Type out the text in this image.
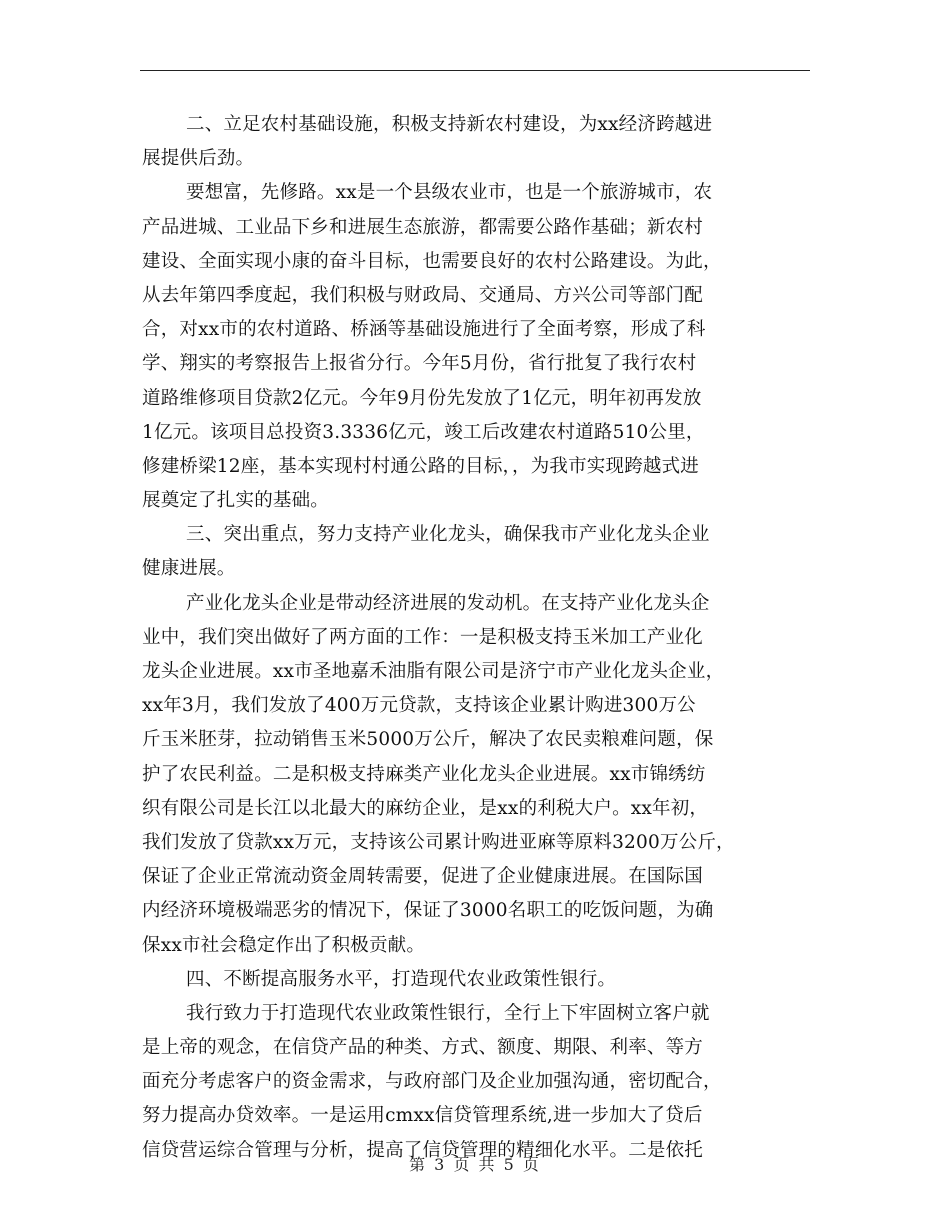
二、立足农村基础设施，积极支持新农村建设，为xx经济跨越进
展提供后劲。
要想富，先修路。xx是一个县级农业市，也是一个旅游城市，农
产品进城、工业品下乡和进展生态旅游，都需要公路作基础；新农村
建设、全面实现小康的奋斗目标，也需要良好的农村公路建设。为此，
从去年第四季度起，我们积极与财政局、交通局、方兴公司等部门配
合，对xx市的农村道路、桥涵等基础设施进行了全面考察，形成了科
学、翔实的考察报告上报省分行。今年5月份，省行批复了我行农村
道路维修项目贷款2亿元。今年9月份先发放了1亿元，明年初再发放
1亿元。该项目总投资3.3336亿元，竣工后改建农村道路510公里，
修建桥梁12座，基本实现村村通公路的目标，，为我市实现跨越式进
展奠定了扎实的基础。
三、突出重点，努力支持产业化龙头，确保我市产业化龙头企业
健康进展。
产业化龙头企业是带动经济进展的发动机。在支持产业化龙头企
业中，我们突出做好了两方面的工作：一是积极支持玉米加工产业化
龙头企业进展。xx市圣地嘉禾油脂有限公司是济宁市产业化龙头企业，
xx年3月，我们发放了400万元贷款，支持该企业累计购进300万公
斤玉米胚芽，拉动销售玉米5000万公斤，解决了农民卖粮难问题，保
护了农民利益。二是积极支持麻类产业化龙头企业进展。xx市锦绣纺
织有限公司是长江以北最大的麻纺企业，是xx的利税大户。xx年初，
我们发放了贷款xx万元，支持该公司累计购进亚麻等原料3200万公斤，
保证了企业正常流动资金周转需要，促进了企业健康进展。在国际国
内经济环境极端恶劣的情况下，保证了3000名职工的吃饭问题，为确
保xx市社会稳定作出了积极贡献。
四、不断提高服务水平，打造现代农业政策性银行。
我行致力于打造现代农业政策性银行，全行上下牢固树立客户就
是上帝的观念，在信贷产品的种类、方式、额度、期限、利率、等方
面充分考虑客户的资金需求，与政府部门及企业加强沟通，密切配合，
努力提高办贷效率。一是运用cmxx信贷管理系统,进一步加大了贷后
信贷营运综合管理与分析，提高了信贷管理的精细化水平。二是依托
第 3 页 共 5 页
